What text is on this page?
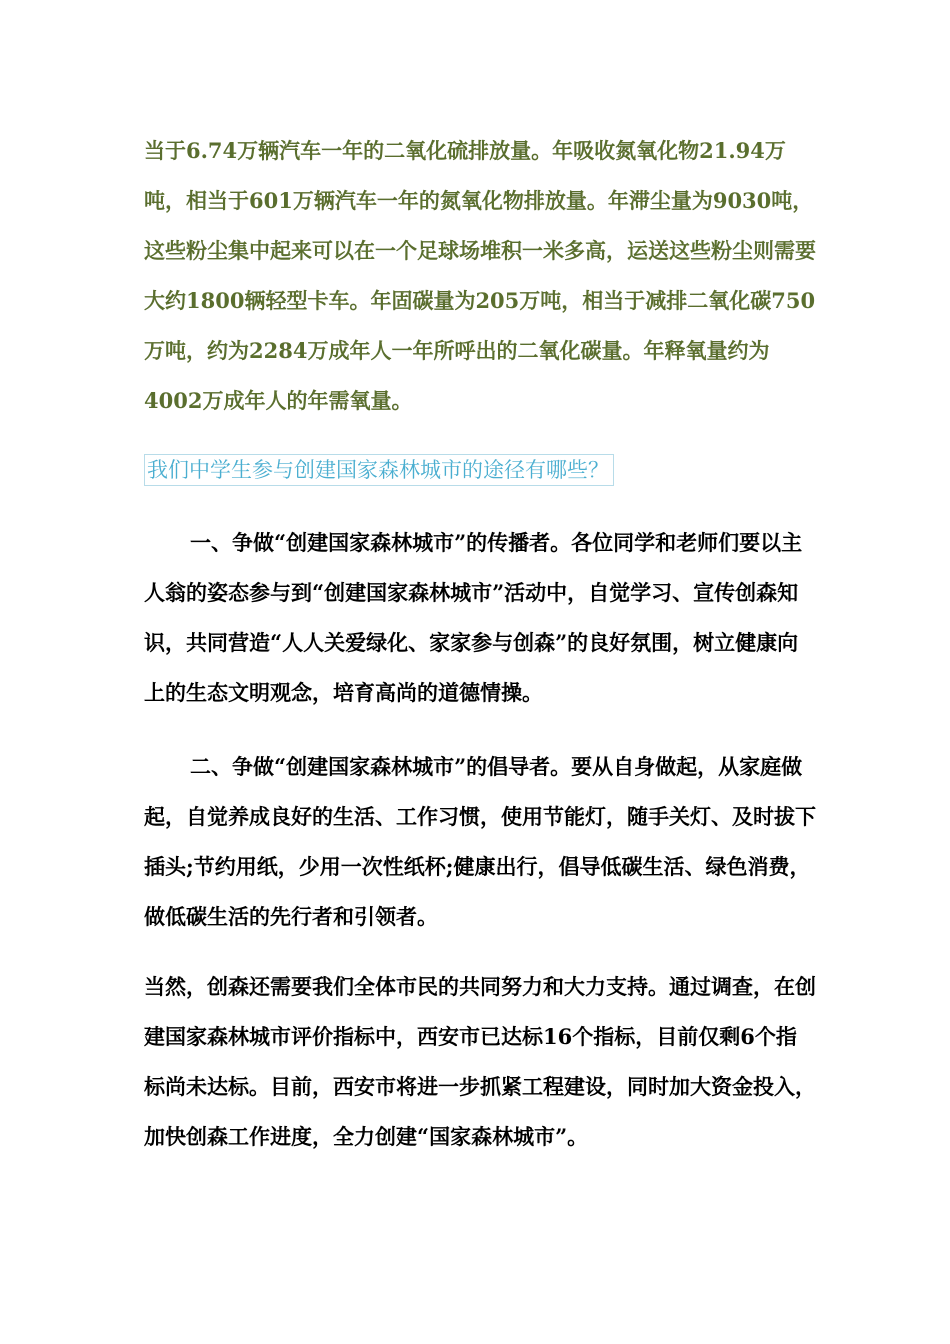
当于6.74万辆汽车一年的二氧化硫排放量。年吸收氮氧化物21.94万吨，相当于601万辆汽车一年的氮氧化物排放量。年滞尘量为9030吨，这些粉尘集中起来可以在一个足球场堆积一米多高，运送这些粉尘则需要大约1800辆轻型卡车。年固碳量为205万吨，相当于减排二氧化碳750万吨，约为2284万成年人一年所呼出的二氧化碳量。年释氧量约为4002万成年人的年需氧量。

我们中学生参与创建国家森林城市的途径有哪些？

一、争做“创建国家森林城市”的传播者。各位同学和老师们要以主人翁的姿态参与到“创建国家森林城市”活动中，自觉学习、宣传创森知识，共同营造“人人关爱绿化、家家参与创森”的良好氛围，树立健康向上的生态文明观念，培育高尚的道德情操。

二、争做“创建国家森林城市”的倡导者。要从自身做起，从家庭做起，自觉养成良好的生活、工作习惯，使用节能灯，随手关灯、及时拔下插头;节约用纸，少用一次性纸杯;健康出行，倡导低碳生活、绿色消费，做低碳生活的先行者和引领者。

当然，创森还需要我们全体市民的共同努力和大力支持。通过调查，在创建国家森林城市评价指标中，西安市已达标16个指标，目前仅剩6个指标尚未达标。目前，西安市将进一步抓紧工程建设，同时加大资金投入，加快创森工作进度，全力创建“国家森林城市”。
